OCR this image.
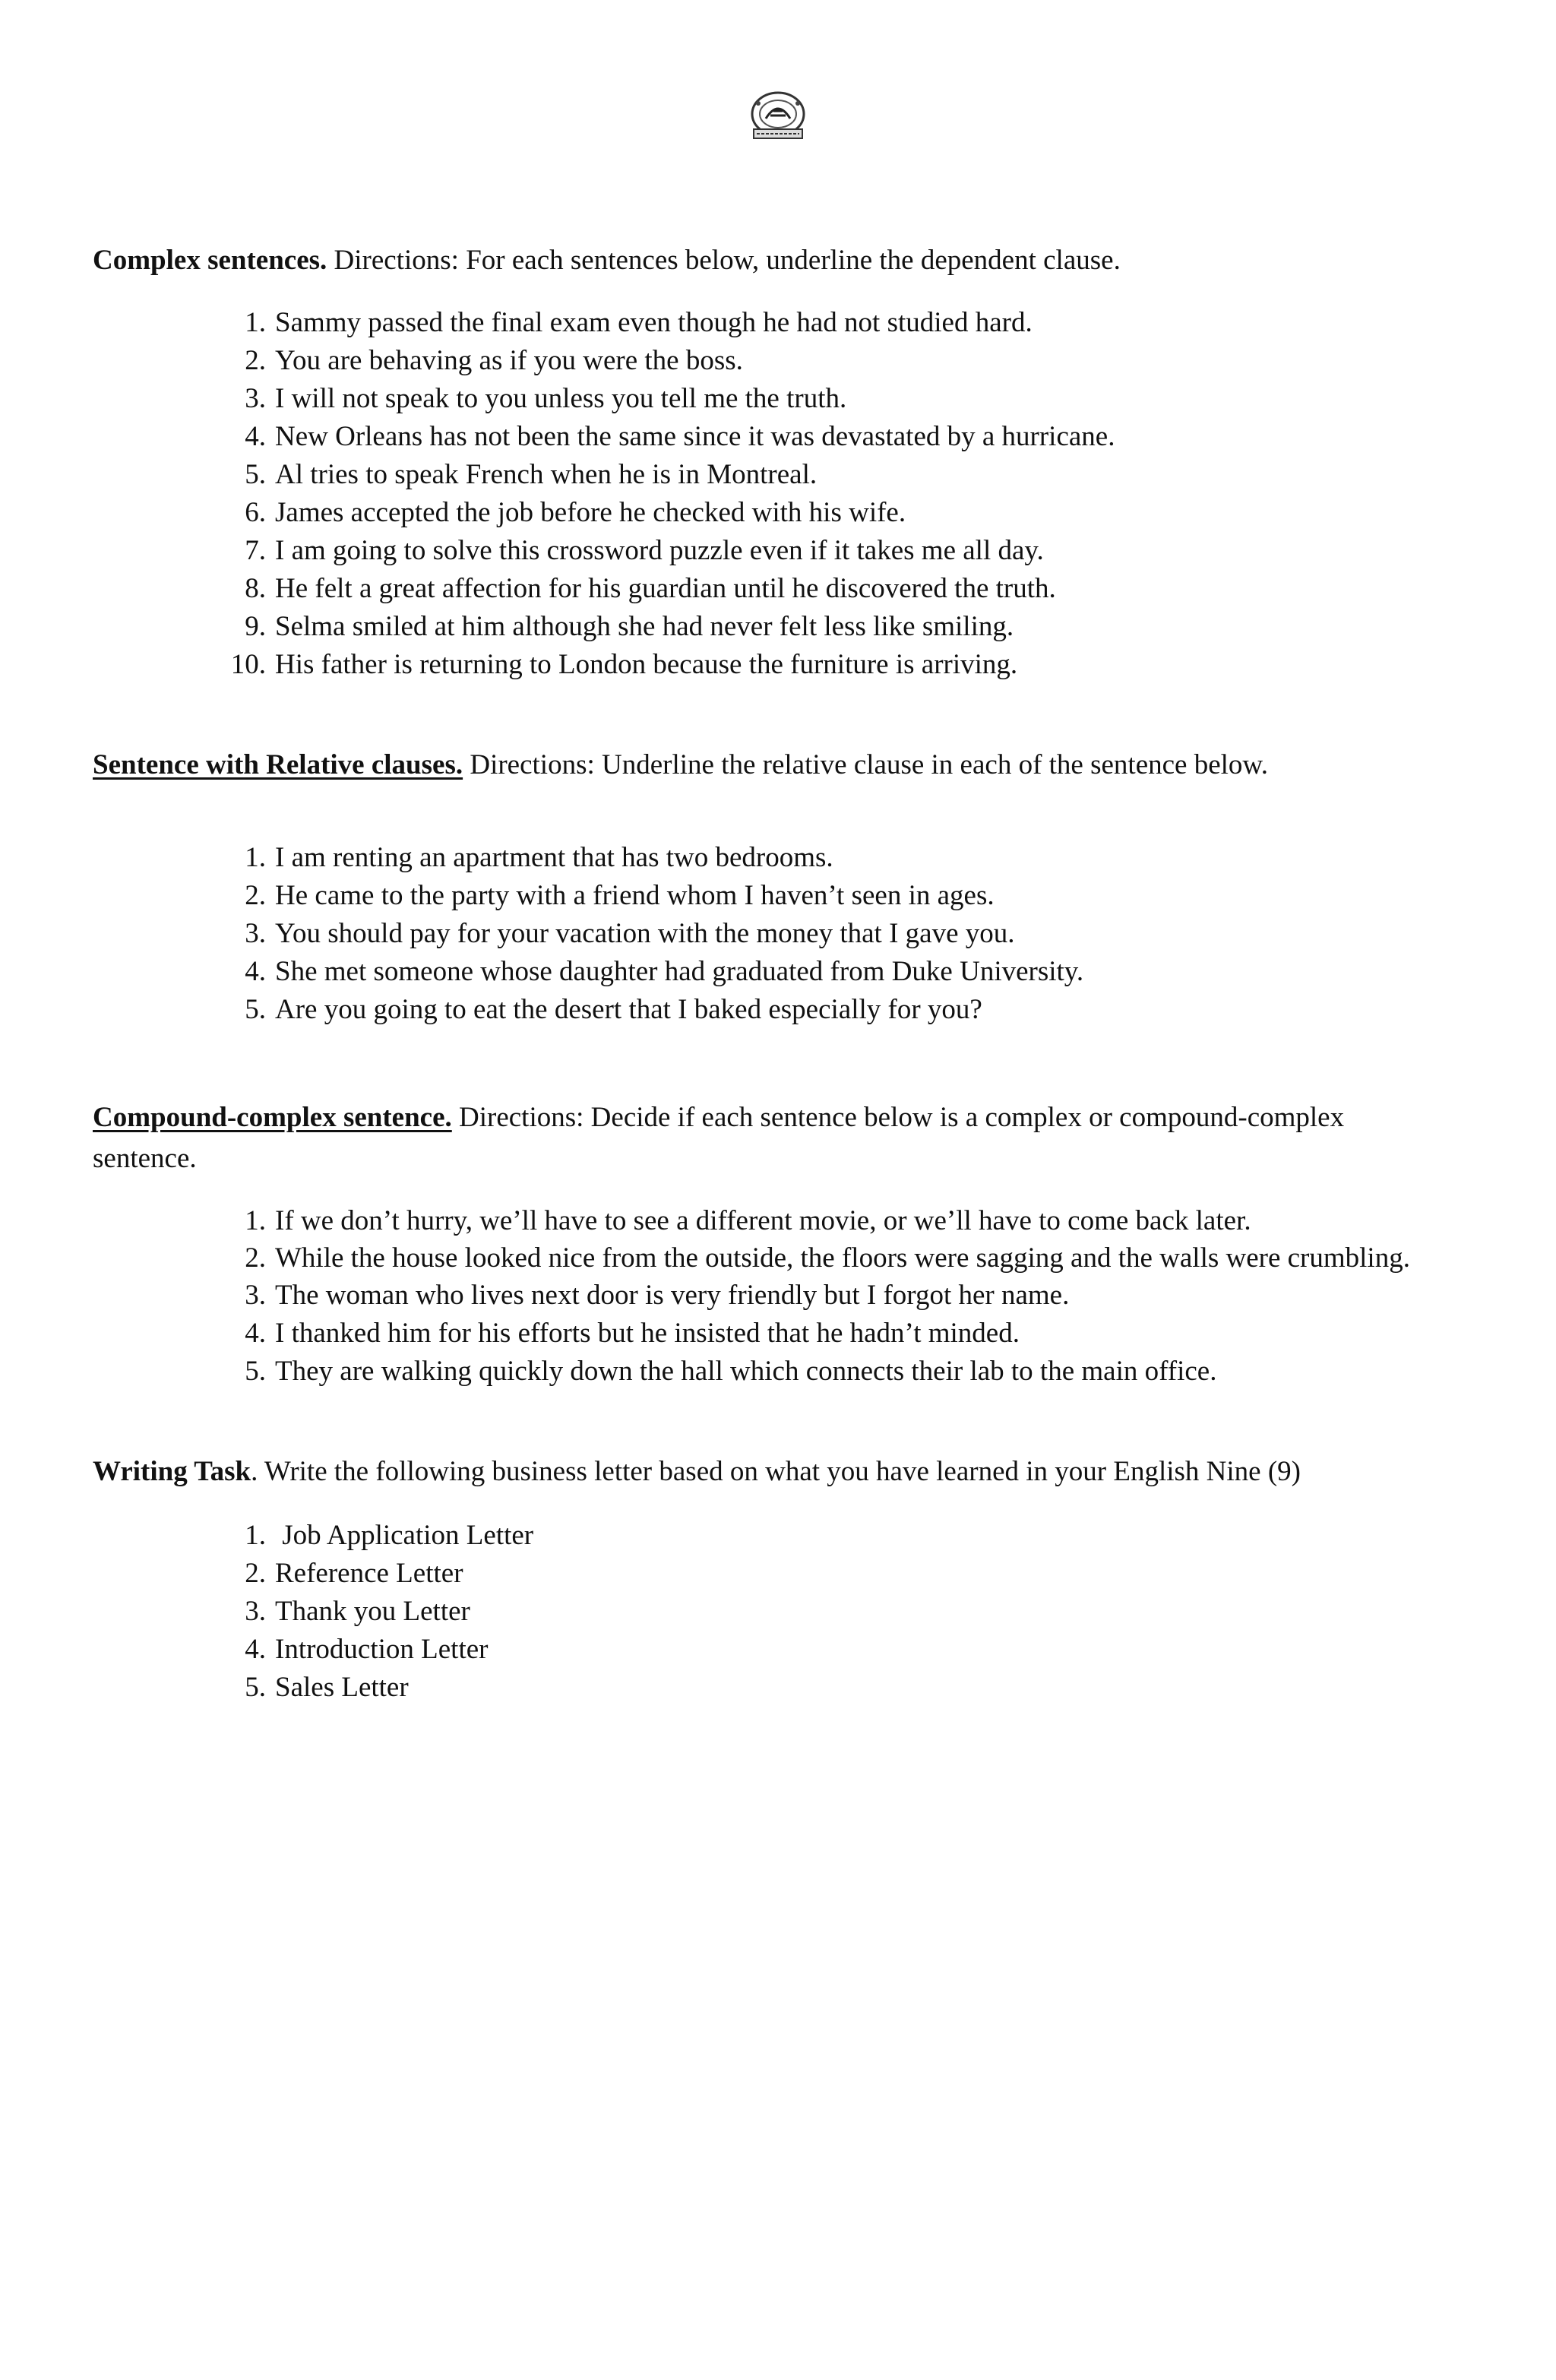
Complex sentences. Directions: For each sentences below, underline the dependent clause.

1. Sammy passed the final exam even though he had not studied hard.
2. You are behaving as if you were the boss.
3. I will not speak to you unless you tell me the truth.
4. New Orleans has not been the same since it was devastated by a hurricane.
5. Al tries to speak French when he is in Montreal.
6. James accepted the job before he checked with his wife.
7. I am going to solve this crossword puzzle even if it takes me all day.
8. He felt a great affection for his guardian until he discovered the truth.
9. Selma smiled at him although she had never felt less like smiling.
10. His father is returning to London because the furniture is arriving.

Sentence with Relative clauses. Directions: Underline the relative clause in each of the sentence below.

1. I am renting an apartment that has two bedrooms.
2. He came to the party with a friend whom I haven’t seen in ages.
3. You should pay for your vacation with the money that I gave you.
4. She met someone whose daughter had graduated from Duke University.
5. Are you going to eat the desert that I baked especially for you?

Compound-complex sentence. Directions: Decide if each sentence below is a complex or compound-complex sentence.

1. If we don’t hurry, we’ll have to see a different movie, or we’ll have to come back later.
2. While the house looked nice from the outside, the floors were sagging and the walls were crumbling.
3. The woman who lives next door is very friendly but I forgot her name.
4. I thanked him for his efforts but he insisted that he hadn’t minded.
5. They are walking quickly down the hall which connects their lab to the main office.

Writing Task. Write the following business letter based on what you have learned in your English Nine (9)

1. Job Application Letter
2. Reference Letter
3. Thank you Letter
4. Introduction Letter
5. Sales Letter
